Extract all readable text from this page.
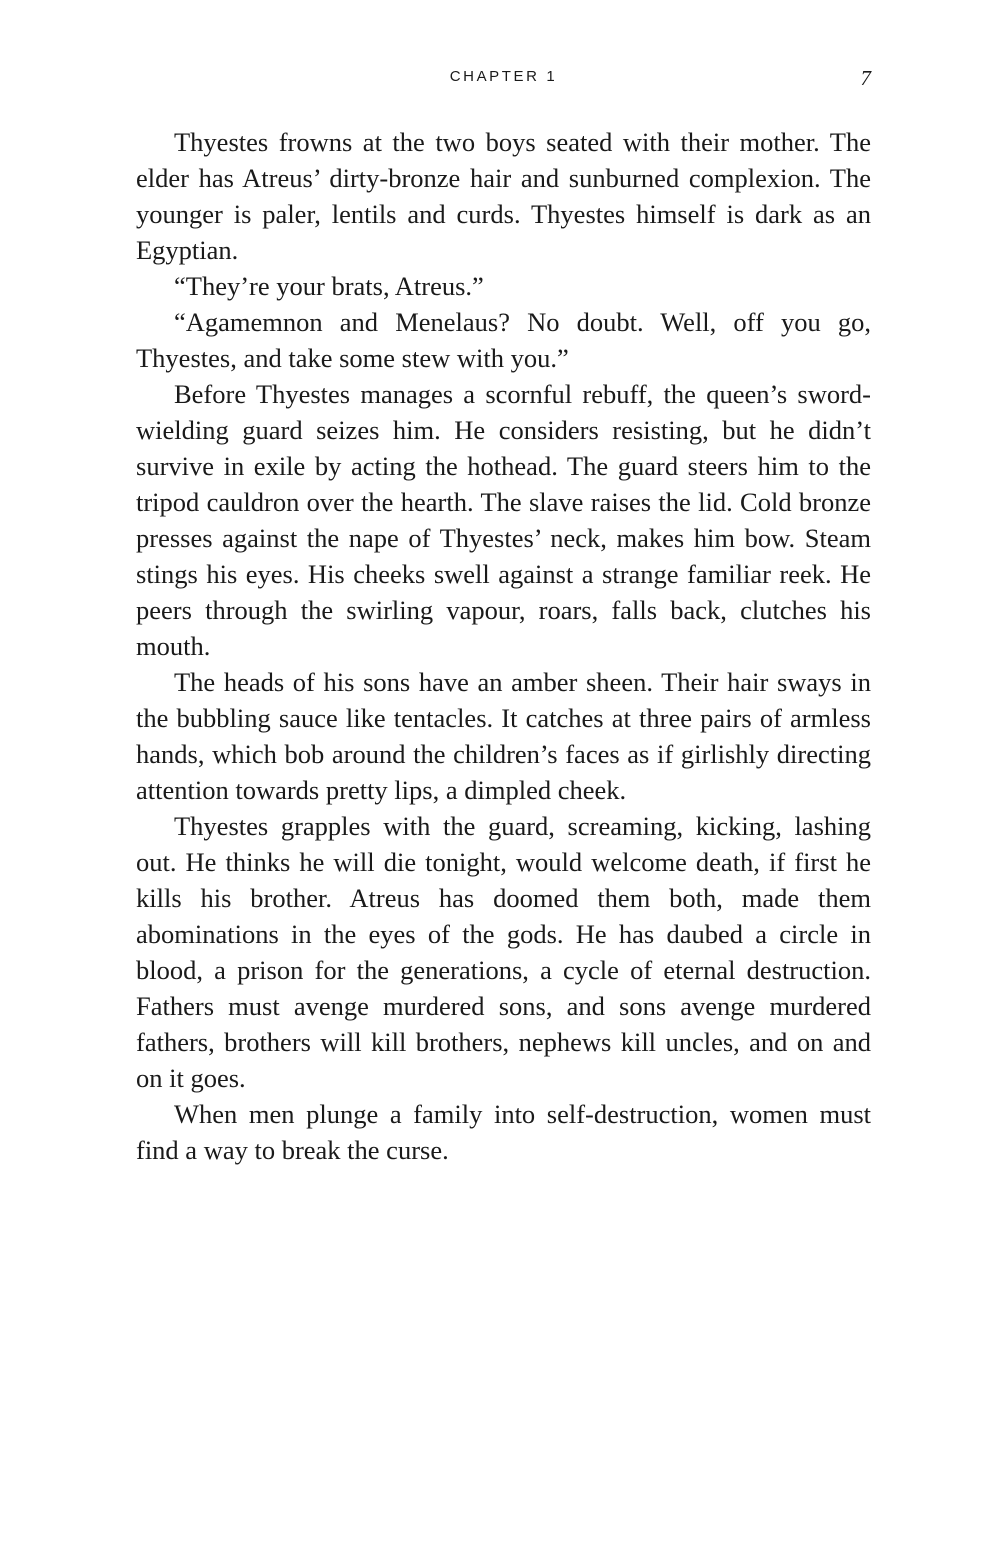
CHAPTER 1	7

Thyestes frowns at the two boys seated with their mother. The elder has Atreus’ dirty-bronze hair and sunburned complexion. The younger is paler, lentils and curds. Thyestes himself is dark as an Egyptian.

“They’re your brats, Atreus.”

“Agamemnon and Menelaus? No doubt. Well, off you go, Thyestes, and take some stew with you.”

Before Thyestes manages a scornful rebuff, the queen’s sword-wielding guard seizes him. He considers resisting, but he didn’t survive in exile by acting the hothead. The guard steers him to the tripod cauldron over the hearth. The slave raises the lid. Cold bronze presses against the nape of Thyestes’ neck, makes him bow. Steam stings his eyes. His cheeks swell against a strange familiar reek. He peers through the swirling vapour, roars, falls back, clutches his mouth.

The heads of his sons have an amber sheen. Their hair sways in the bubbling sauce like tentacles. It catches at three pairs of armless hands, which bob around the children’s faces as if girlishly directing attention towards pretty lips, a dimpled cheek.

Thyestes grapples with the guard, screaming, kicking, lashing out. He thinks he will die tonight, would welcome death, if first he kills his brother. Atreus has doomed them both, made them abominations in the eyes of the gods. He has daubed a circle in blood, a prison for the generations, a cycle of eternal destruction. Fathers must avenge murdered sons, and sons avenge murdered fathers, brothers will kill brothers, nephews kill uncles, and on and on it goes.

When men plunge a family into self-destruction, women must find a way to break the curse.
